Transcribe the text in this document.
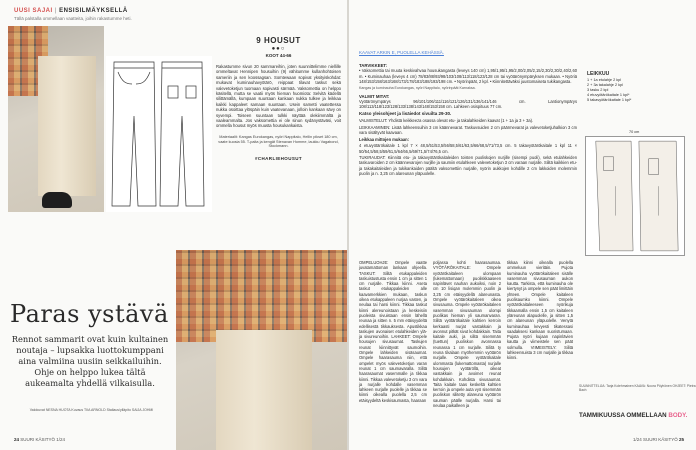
UUSI SAJAI | ENSISILMÄYKSELLÄ
Tällä palstalla ommellaan vaatteita, joihin rakastumme heti.
9 HOUSUT
●●○
KOOT 44-66
Rakastumme sivun 20 sammareihin, joten suunnittelimme niellille ommeltavat Hennipen housuihin (9) vähitumme kullanhohtoisen sameriin ja sen koossagsan. Somtewaan sopivat yksityiskohdat: mukavat kuminauhavyötärö, reippaat tilavat taskut sekä valevetoketjun tuomaan sopivasti särmää. Vaksomettia on helppo käsitellä, mutta se vaatii myös hieman huomiota: Selvitä kädellä silittämällä, kumpaan suuntaan kankaan nukka tulkee ja leikkaa kaikki kappaleet samaan suuntaan. Usein sametti vaatettessa nukka osoittaa ylöspäin kuin vaatevanaan, jolloin kankaan sävy on syvempi. Toiseen suuntaan tulkki näyttää olekiimmältä ja vaaleammalta. Jos vaksomettia ei ole sinun sydänystäväsi, voit ommella housut myös muusta housukankaista.
Materiaalit: Kangas Eurokangas, nyöri Nappitalo, Hellin pikset 180 cm, vaate kuosia 55. T-paita ja kengät Stenavan Homme, laukku Vagabond, Stockmann.
#CHARLIEHOUSUT
Paras ystävä

Rennot sammarit ovat kuin kultainen noutaja – lupsakka luottokumppani aina valmiina uusiin seikkailuihin. Ohje on helppo lukea tältä aukeamalta yhdellä vilkaisulla.

Valokuvat NESNA HUOTA Kuvaus TIIA ARNOLD Stailaus/ylläpito SAIJA JOHMI
24 SUURI KÄSITYÖ 1/24
KAAVAT ARKIN E, PUOLELLA KEHÄSSÄ.
TARVIKKEET:

• Vaksomettia tai muuta keskivahvaa housukangasta (leveys 140 cm) 1,95/1,95/1,95/2,00/2,05/2,15/2,30/2,30/2,40/2,60 m. • Kuminauhaa (leveys 4 cm) 78/83/88/93/98/103/108/113/118/123/128 cm tai vyötärönympäryksen mukaan. • Nyöriä 148/153/158/163/168/173/178/183/188/193/198 cm. • Nyörinpäät, 2 kpl. • Kiinnitettäväksi juustomaiseta tukikangasta.

Kangas ja kuminauha Eurokangas, nyöri Nappitalo, nyörinpäät Karnaksa.

VALMIT MITAT:

Vyötärönympärys 96/101/106/111/116/121/126/131/136/141/146 cm. Lantionympärys 108/113/118/123/128/133/138/143/148/153/158 cm. Lahkeen osispituus 77 cm.

Katso yleisohjeet ja lisäiedot sivuilta 29-30.

VALMISTELUT: Yhdistä keikkeeza osassa olevat etu- ja takalahkeiden kaavat (1 + 1a ja 3 + 3a).

LEIKKAAMINEN: Lisää lahkeensuihin 3 cm käännevarat. Taskuvsuiden 2 cm päärmevarat ja valevetoketjuhalkion 3 cm vara sisältyvät kaavaan.

Leikkaa mittojen mukaan:

4 etuvyötärökaitale 1 kpl 7 × 48,5/51/53,5/56/58,5/61/63,5/66/68,5/71/73,5 cm. 5 takavyötärökaitale 1 kpl 11 × 50/54,5/58,5/59/61,5/64/66,5/69/71,5/74/76,5 cm.

TUKIRAUDAT: Kiinnitä etu- ja takavyötärökaitaleiden toisten puoliskojen nurjille (sisempi puoli), sekä etulahkeiden taskuvaroiden 2 cm käännevarojen nurjille ja saumiin etulahkeen valevetoketjun 3 cm varaan nurjalle. Silitä kaikkien etu- ja takakaitaleiden ja tukikankaiden päältä vaksomettiin nurjalle, nyörin aukkojen kohdille 2 cm lakkoiden molemmin puolin ja n. 3,25 cm alareunan yläpuolelle.

OMPELUOHJE: Ompele vaatte juvatamattoman lankaan ohjeella. TASKUT: Silitä etukappaleiden taskuistustusta ensin 1 cm ja sitten 1 cm nurjalle. Tikkaa kiinni. Aseta taskut etukappaleiden alle kaavamerkkien mukaan, taskun oikea etukappaleen nurjaa vasten, ja neulaa tai harsi kiinni. Tikkaa taskut kiinni alereunoistaan ja keskeisiin puoleista sivuistaan ensin lähellä reunaa ja sitten n. 5 mm etäisyydeltä edellisestä tikkauksesta. Apustikkaa taskujen avonaiset etulahkeiden ylä- ja sivureunoihin. LAHKEET: Ompele housujen sivusaumat. Taskujen reunat kiinnittyvät saumoihin. Ompele lahkeiden sisäsaumat. Ompele haarasauma niin, että ompelet myös valevetoketjun varan reunat 1 cm saumavaralla. Silitä haarasaumat vasemmalle ja tikkaa kiinni. Tikkaa valevetoketju 3 cm vara ja nurjalle kohdalle vasemman lahkeen nurjalle puolelle ja tikkaa se kiinni oikealla puolella 2,5 cm etäisyydeltä keskisaumasta, haaraan
poljassa kohti haarasaumaa. VYÖTÄRÖKAITALE: Ompele vyötärökaitaleen ulompaan (lukemattomaan) puoliskkaaseen napinlävet nauhan aukoiksi, noin 2 cm 10 lisiqan molemmin puolin ja 3,25 cm etäisyydellä alareunasta. Ompele vyötärökaitaleen oikea sivusauma. Ompele vyötärökaitaleen vasemman sivusauman ulompi puolikas hieman yli saumanvaran. Silitä vyötärökaitale kahtien kerroin kerkaasti nurjat vastakkain ja avonnut pitkät sivut kohdakkain. Taita kaitale auki, ja silitä sisemmän (tuettun) puoliskon avonnassa reunassa 1 cm nurjalle. Silitä ty reuna tikalaan myöhemmin vyötärön nurjalle. Ompele vyötärökaitale ulommasta (lukemattomasta) nurjalle housujen vyötäröllä, oikeat vastakkain ja avoimet reunat kohdakkain. Kohdista sivusaumat. Taita kaitale taas keskeltä kahtien kerroin ja ompele auta vyö sisemmän puoliskon silitetty alareuna vyötärön sauman päälle nurjalla. Harsi tai neulaa paikalleen ja
tikkaa kiinni oikealla puolella ommeluun vieritäin. Pujota kuminauha vyötärökaitaleen sisälle vasemman sivusauman aukon kautta. Tarkista, että kuminauha ole kiertynyt ja ompele sen päät limittäin yhteen. Ompele kaitaleen puolisaumko kiinni. Ompele vyötärökaitaleeseen nyörikuja tikkaamalla ensin 1,5 cm kaitaleen yläreunan alapuolelle, ja sitten 1,5 cm alareunan yläpuolelle. Venytä kuminauhaa kevyesti tikatessasi saadaksesi kankaan suoristumaan. Pujota nyöri kujaan napinlävien kautta ja viimeistele sen päät solmulla. VIIMEISTELY: Silitä lahkeensuista 3 cm nurjalle ja tikkaa kiinni.
LEIKKUU
1 + 1a etulahje 2 kpl
2 + 3a takalahje 2 kpl
3 tasku 2 kpl
4 etuvyötärökaitale 1 kpl*
5 takavyötärökaitale 1 kpl*
70 cm
SUUNNITTELIJA: Tarja Kolehmainen KAAVA: Noora Pöyhönen OHJEET: Pietra Bach
TAMMIKUUSSA OMMELLAAN BODY.
1/24 SUURI KÄSITYÖ 25
